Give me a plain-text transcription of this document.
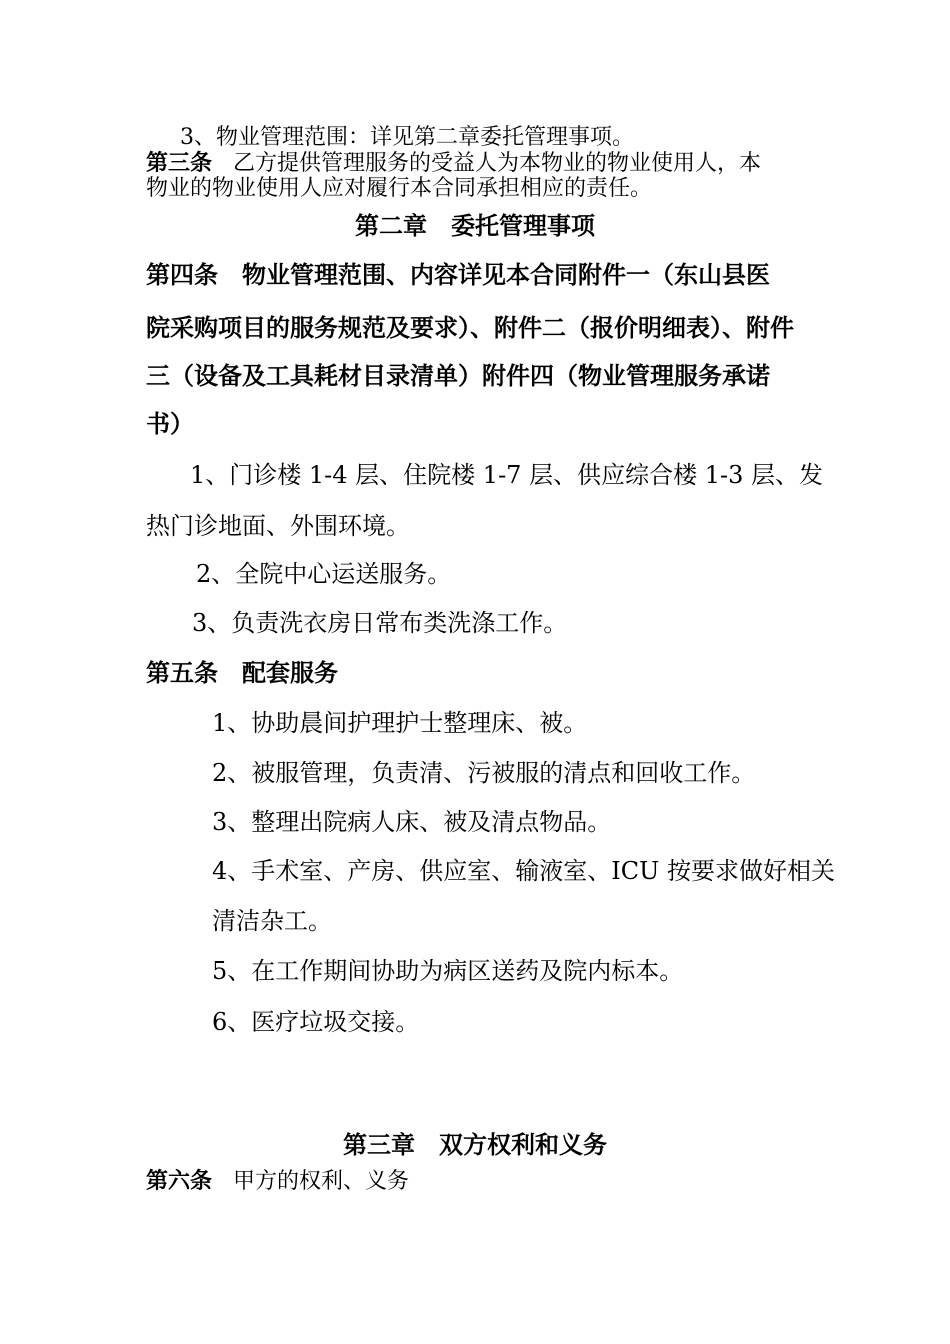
3、物业管理范围：详见第二章委托管理事项。

第三条 乙方提供管理服务的受益人为本物业的物业使用人，本

物业的物业使用人应对履行本合同承担相应的责任。

第二章　委托管理事项

第四条　物业管理范围、内容详见本合同附件一（东山县医

院采购项目的服务规范及要求）、附件二（报价明细表）、附件

三（设备及工具耗材目录清单）附件四（物业管理服务承诺

书）

1、门诊楼 1-4 层、住院楼 1-7 层、供应综合楼 1-3 层、发

热门诊地面、外围环境。

2、全院中心运送服务。

3、负责洗衣房日常布类洗涤工作。

第五条　配套服务

1、协助晨间护理护士整理床、被。

2、被服管理，负责清、污被服的清点和回收工作。

3、整理出院病人床、被及清点物品。

4、手术室、产房、供应室、输液室、ICU 按要求做好相关

清洁杂工。

5、在工作期间协助为病区送药及院内标本。

6、医疗垃圾交接。

第三章　双方权利和义务

第六条 甲方的权利、义务
